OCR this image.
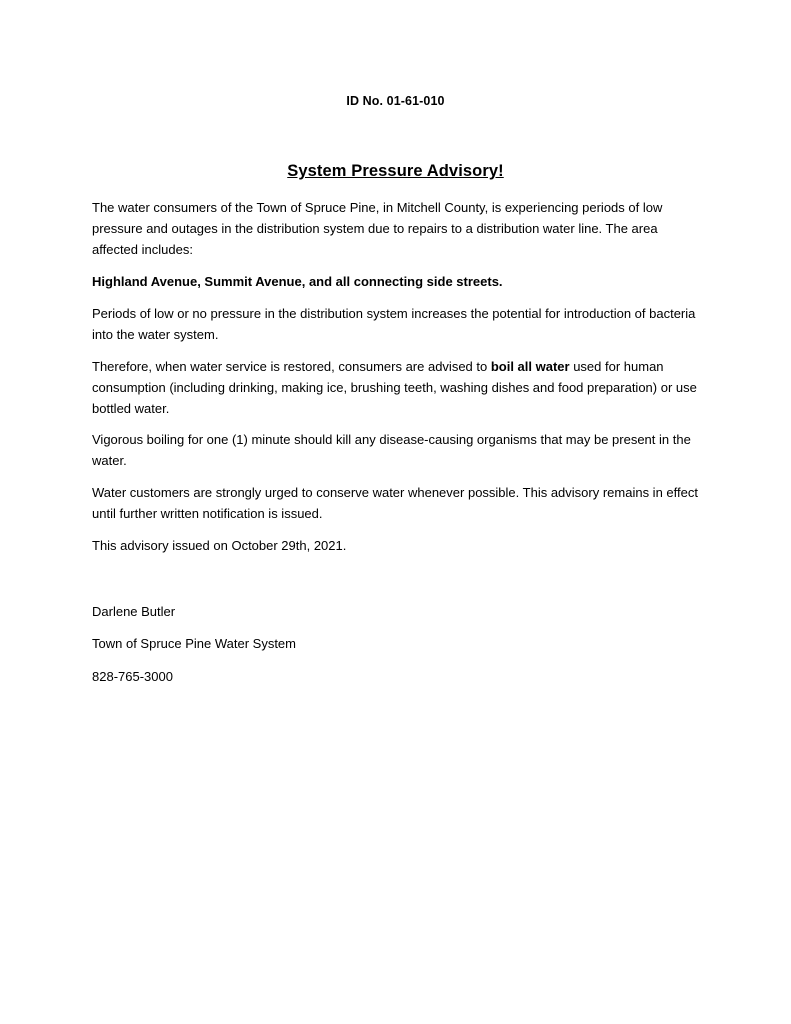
ID No. 01-61-010
System Pressure Advisory!

The water consumers of the Town of Spruce Pine, in Mitchell County, is experiencing periods of low pressure and outages in the distribution system due to repairs to a distribution water line. The area affected includes:

Highland Avenue, Summit Avenue, and all connecting side streets.

Periods of low or no pressure in the distribution system increases the potential for introduction of bacteria into the water system.

Therefore, when water service is restored, consumers are advised to boil all water used for human consumption (including drinking, making ice, brushing teeth, washing dishes and food preparation) or use bottled water.

Vigorous boiling for one (1) minute should kill any disease-causing organisms that may be present in the water.

Water customers are strongly urged to conserve water whenever possible. This advisory remains in effect until further written notification is issued.

This advisory issued on October 29th, 2021.

Darlene Butler

Town of Spruce Pine Water System

828-765-3000
